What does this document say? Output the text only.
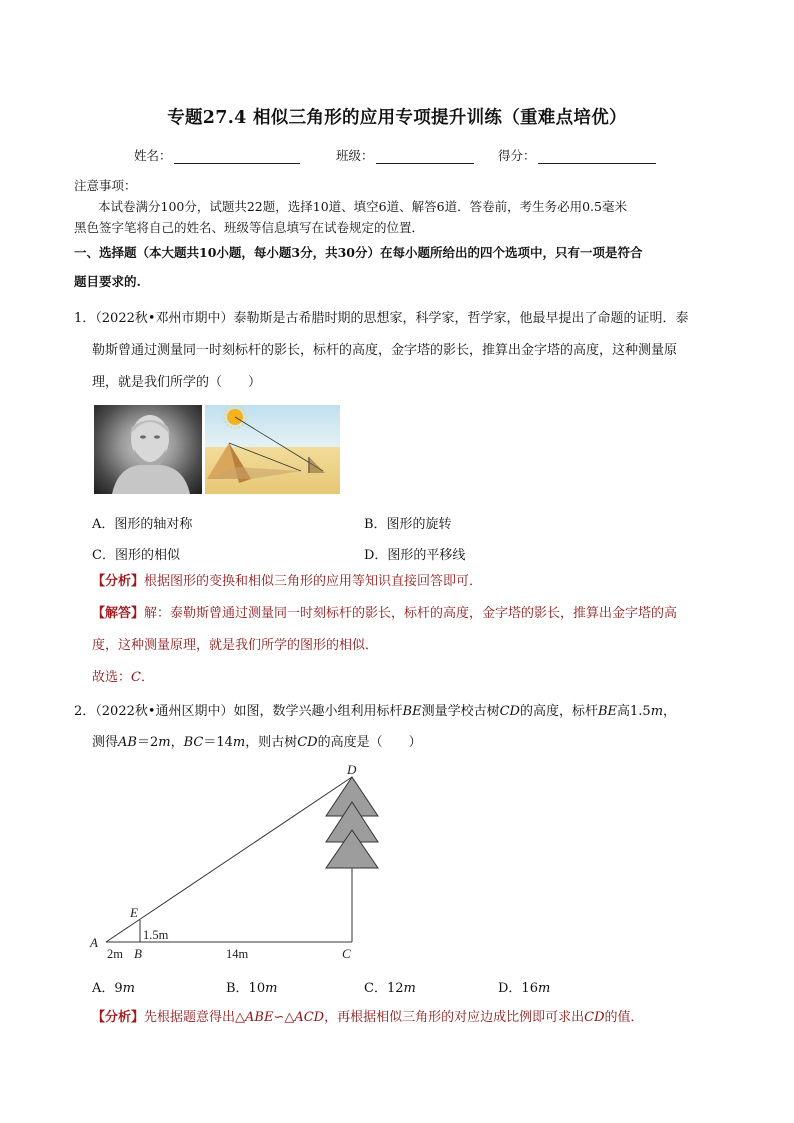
专题27.4 相似三角形的应用专项提升训练（重难点培优）
姓名：	班级：	得分：
注意事项：
本试卷满分100分，试题共22题，选择10道、填空6道、解答6道．答卷前，考生务必用0.5毫米
黑色签字笔将自己的姓名、班级等信息填写在试卷规定的位置．
一、选择题（本大题共10小题，每小题3分，共30分）在每小题所给出的四个选项中，只有一项是符合
题目要求的.
1．（2022秋•邓州市期中）泰勒斯是古希腊时期的思想家，科学家，哲学家，他最早提出了命题的证明．泰
勒斯曾通过测量同一时刻标杆的影长，标杆的高度，金字塔的影长，推算出金字塔的高度，这种测量原
理，就是我们所学的（　　）
A．图形的轴对称	B．图形的旋转
C．图形的相似	D．图形的平移线
【分析】根据图形的变换和相似三角形的应用等知识直接回答即可．
【解答】解：泰勒斯曾通过测量同一时刻标杆的影长，标杆的高度，金字塔的影长，推算出金字塔的高
度，这种测量原理，就是我们所学的图形的相似．
故选：C．
2．（2022秋•通州区期中）如图，数学兴趣小组利用标杆BE测量学校古树CD的高度，标杆BE高1.5m，
测得AB＝2m，BC＝14m，则古树CD的高度是（　　）
A
B	C
D
E
1.5m
2m	14m
A．9m	B．10m	C．12m	D．16m
【分析】先根据题意得出△ABE∽△ACD，再根据相似三角形的对应边成比例即可求出CD的值．
